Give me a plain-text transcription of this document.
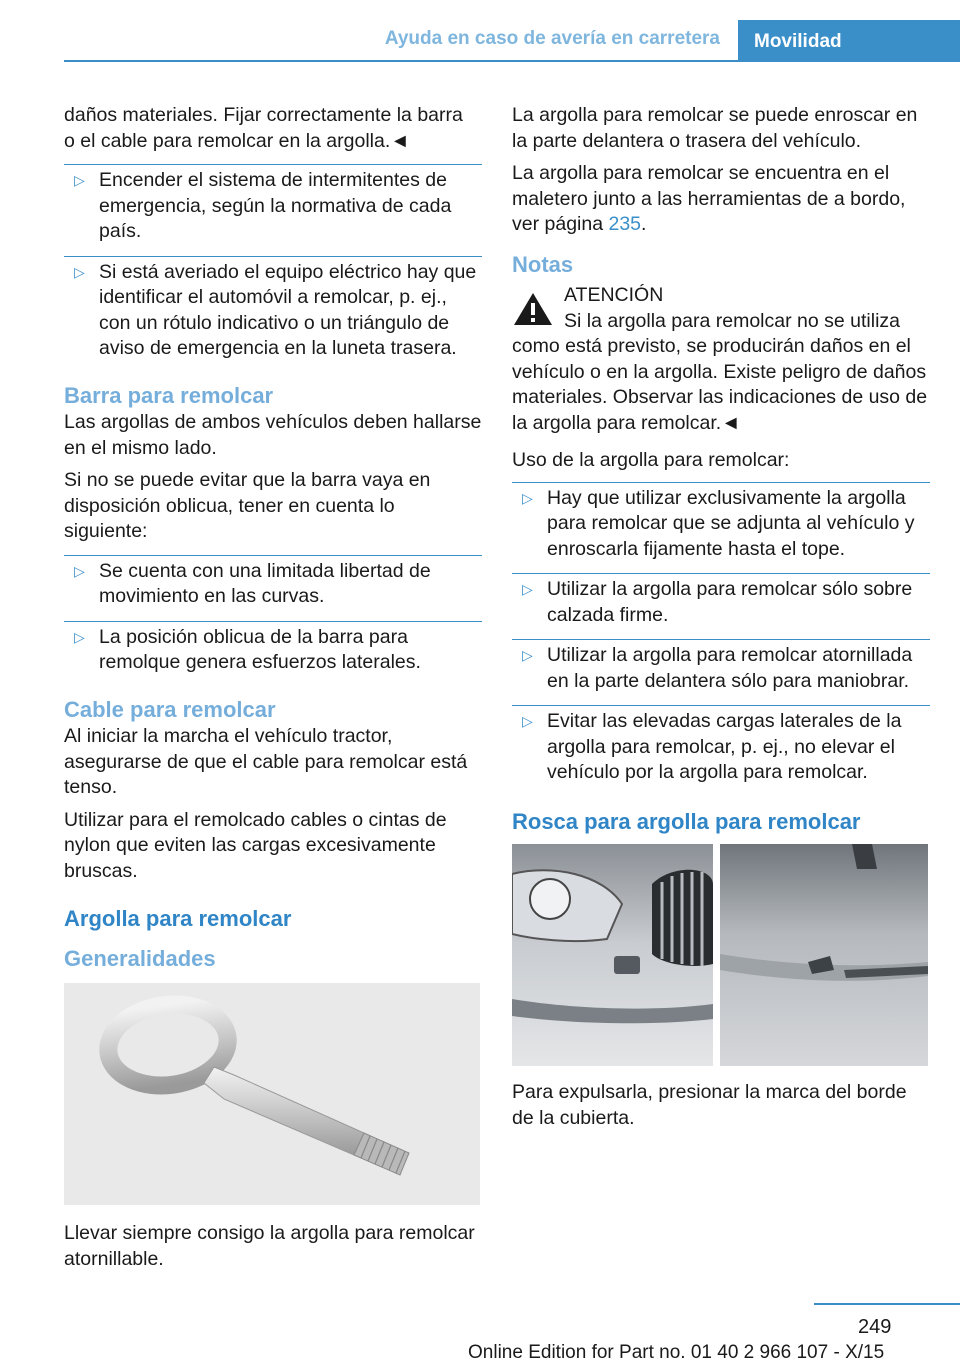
Ayuda en caso de avería en carretera Movilidad

daños materiales. Fijar correctamente la barra
o el cable para remolcar en la argolla.◄

▷ Encender el sistema de intermitentes de emergencia, según la normativa de cada país.
▷ Si está averiado el equipo eléctrico hay que identificar el automóvil a remolcar, p. ej., con un rótulo indicativo o un triángulo de aviso de emergencia en la luneta trasera.
Barra para remolcar

Las argollas de ambos vehículos deben hallarse en el mismo lado.

Si no se puede evitar que la barra vaya en disposición oblicua, tener en cuenta lo siguiente:

▷ Se cuenta con una limitada libertad de movimiento en las curvas.
▷ La posición oblicua de la barra para remolque genera esfuerzos laterales.
Cable para remolcar

Al iniciar la marcha el vehículo tractor, asegurarse de que el cable para remolcar está tenso.

Utilizar para el remolcado cables o cintas de nylon que eviten las cargas excesivamente bruscas.

Argolla para remolcar
Generalidades

Llevar siempre consigo la argolla para remolcar atornillable.

La argolla para remolcar se puede enroscar en la parte delantera o trasera del vehículo.

La argolla para remolcar se encuentra en el maletero junto a las herramientas de a bordo, ver página 235.

Notas
ATENCIÓN

Si la argolla para remolcar no se utiliza como está previsto, se producirán daños en el vehículo o en la argolla. Existe peligro de daños materiales. Observar las indicaciones de uso de la argolla para remolcar.◄

Uso de la argolla para remolcar:

▷ Hay que utilizar exclusivamente la argolla para remolcar que se adjunta al vehículo y enroscarla fijamente hasta el tope.
▷ Utilizar la argolla para remolcar sólo sobre calzada firme.
▷ Utilizar la argolla para remolcar atornillada en la parte delantera sólo para maniobrar.
▷ Evitar las elevadas cargas laterales de la argolla para remolcar, p. ej., no elevar el vehículo por la argolla para remolcar.
Rosca para argolla para remolcar

Para expulsarla, presionar la marca del borde de la cubierta.

249
Online Edition for Part no. 01 40 2 966 107 - X/15
